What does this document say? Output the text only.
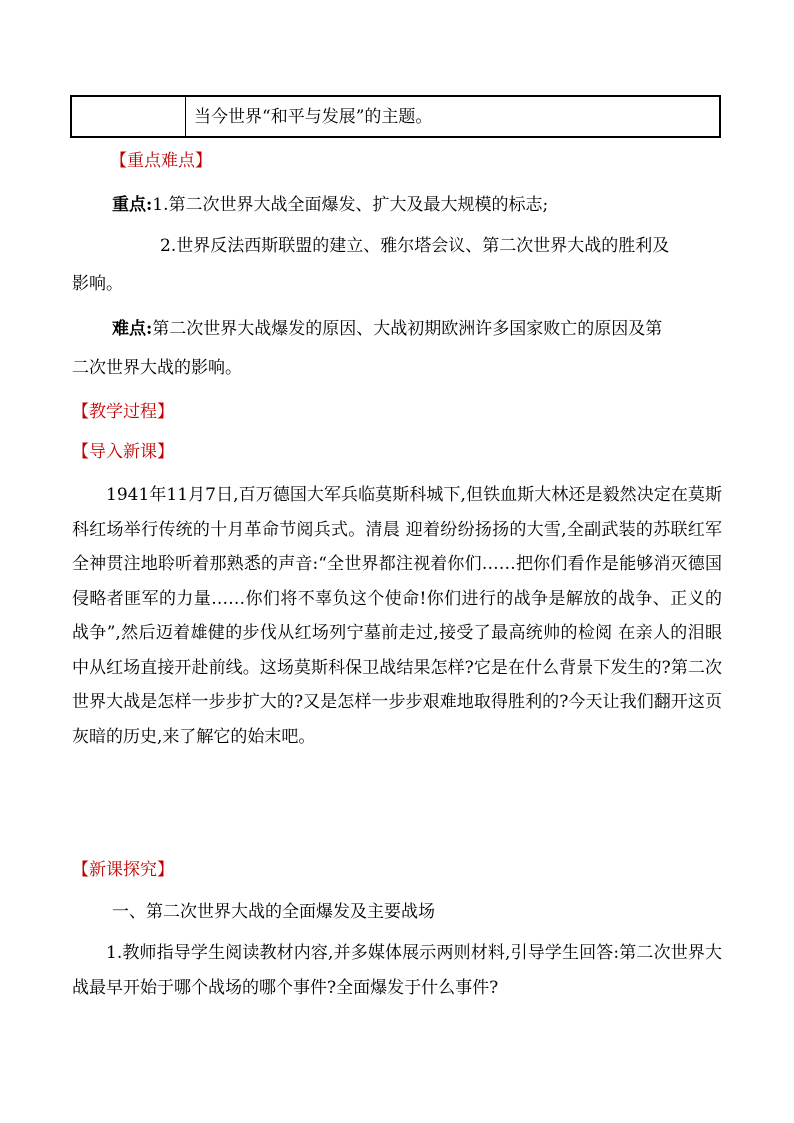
当今世界“和平与发展”的主题。
【重点难点】
重点:1.第二次世界大战全面爆发、扩大及最大规模的标志;
2.世界反法西斯联盟的建立、雅尔塔会议、第二次世界大战的胜利及
影响。
难点:第二次世界大战爆发的原因、大战初期欧洲许多国家败亡的原因及第
二次世界大战的影响。
【教学过程】
【导入新课】
1941年11月7日,百万德国大军兵临莫斯科城下,但铁血斯大林还是毅然决定在莫斯科红场举行传统的十月革命节阅兵式。清晨 迎着纷纷扬扬的大雪,全副武装的苏联红军全神贯注地聆听着那熟悉的声音:“全世界都注视着你们……把你们看作是能够消灭德国侵略者匪军的力量……你们将不辜负这个使命!你们进行的战争是解放的战争、正义的战争”,然后迈着雄健的步伐从红场列宁墓前走过,接受了最高统帅的检阅 在亲人的泪眼中从红场直接开赴前线。这场莫斯科保卫战结果怎样?它是在什么背景下发生的?第二次世界大战是怎样一步步扩大的?又是怎样一步步艰难地取得胜利的?今天让我们翻开这页灰暗的历史,来了解它的始末吧。
【新课探究】
一、第二次世界大战的全面爆发及主要战场
1.教师指导学生阅读教材内容,并多媒体展示两则材料,引导学生回答:第二次世界大战最早开始于哪个战场的哪个事件?全面爆发于什么事件?
